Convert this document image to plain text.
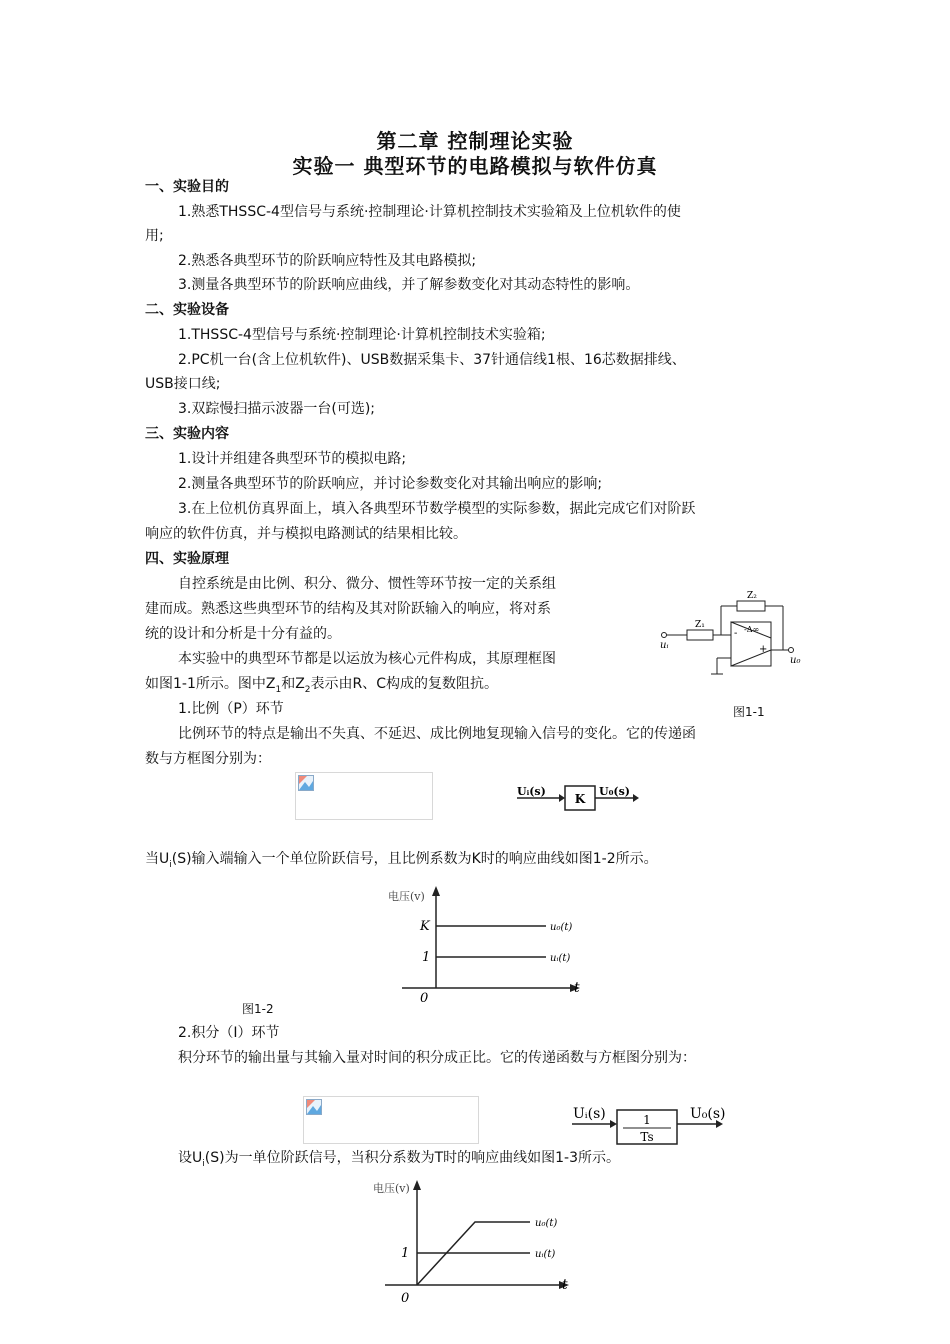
第二章 控制理论实验
实验一 典型环节的电路模拟与软件仿真
一、实验目的
1.熟悉THSSC-4型信号与系统·控制理论·计算机控制技术实验箱及上位机软件的使
用;
2.熟悉各典型环节的阶跃响应特性及其电路模拟;
3.测量各典型环节的阶跃响应曲线，并了解参数变化对其动态特性的影响。
二、实验设备
1.THSSC-4型信号与系统·控制理论·计算机控制技术实验箱;
2.PC机一台(含上位机软件)、USB数据采集卡、37针通信线1根、16芯数据排线、
USB接口线;
3.双踪慢扫描示波器一台(可选);
三、实验内容
1.设计并组建各典型环节的模拟电路;
2.测量各典型环节的阶跃响应，并讨论参数变化对其输出响应的影响;
3.在上位机仿真界面上，填入各典型环节数学模型的实际参数，据此完成它们对阶跃
响应的软件仿真，并与模拟电路测试的结果相比较。
四、实验原理
自控系统是由比例、积分、微分、惯性等环节按一定的关系组
建而成。熟悉这些典型环节的结构及其对阶跃输入的响应，将对系
统的设计和分析是十分有益的。
本实验中的典型环节都是以运放为核心元件构成，其原理框图
如图1-1所示。图中$Z_1$和$Z_2$表示由R、C构成的复数阻抗。
Z₂
Z₁	-Δ∞
-
+
uᵢ
u₀
图1-1
1.比例（P）环节
比例环节的特点是输出不失真、不延迟、成比例地复现输入信号的变化。它的传递函
数与方框图分别为：
Uᵢ(s)
K
U₀(s)
当$U_i(S)$输入端输入一个单位阶跃信号，且比例系数为K时的响应曲线如图1-2所示。
电压(v)
K
1
0
t
u₀(t)
uᵢ(t)
图1-2
2.积分（I）环节
积分环节的输出量与其输入量对时间的积分成正比。它的传递函数与方框图分别为：
Uᵢ(s)	1
Ts
U₀(s)
设$U_i(S)$为一单位阶跃信号，当积分系数为T时的响应曲线如图1-3所示。
电压(v)
1
0
t
u₀(t)
uᵢ(t)
